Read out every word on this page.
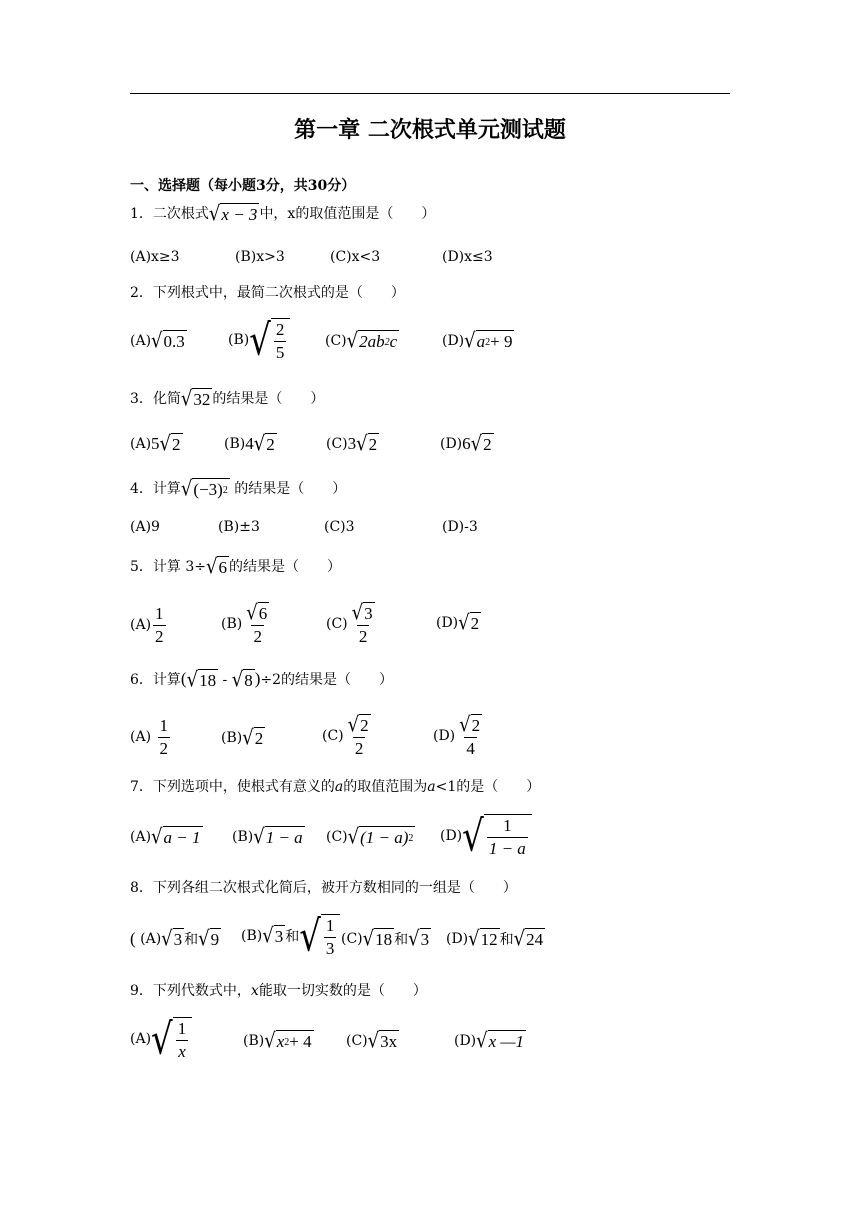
第一章 二次根式单元测试题
一、选择题（每小题3分，共30分）
1．二次根式 √ x − 3 中，x的取值范围是（　　）
(A)x≥3	(B)x>3	(C)x<3	(D)x≤3
2．下列根式中，最简二次根式的是（　　）
(A) √ 0.3	(B) √ $\frac{2}{5}$	(C) √ 2ab 2 c	(D) √ a 2 + 9
3．化简 √ 32 的结果是（　　）
(A) 5 √ 2	(B) 4 √ 2	(C) 3 √ 2	(D) 6 √ 2
4．计算 √ (−3) 2 的结果是（　　）
(A)9	(B)±3	(C)3	(D)-3
5．计算 3÷ √ 6 的结果是（　　）
$(A) \frac{1}{2}$	$(B) \frac{√ 6}{2}$	$(C) \frac{√ 3}{2}$	(D) √ 2
6．计算( √ 18 - √ 8 )÷2的结果是（　　）
(A)
$\frac{1}{2}$	(B) √ 2	$(C) \frac{√ 2}{2}$	$(D) \frac{√ 2}{4}$
7．下列选项中，使根式有意义的a的取值范围为a<1的是（　　）
(A) √ a − 1 (B) √ 1 − a (C) √ (1 − a) 2 (D) √ $\frac{1}{1 - a}$
8．下列各组二次根式化简后，被开方数相同的一组是（　　）
(
(A) √ 3 和 √ 9 (B) √ 3 和 √ $\frac{1}{3} (C)$ √ 18 和 √ 3 (D) √ 12 和 √ 24
9．下列代数式中，x能取一切实数的是（　　）
(A) √ $\frac{1}{x}$	(B) √ x 2 + 4 (C) √ 3x	(D) √ x —1
